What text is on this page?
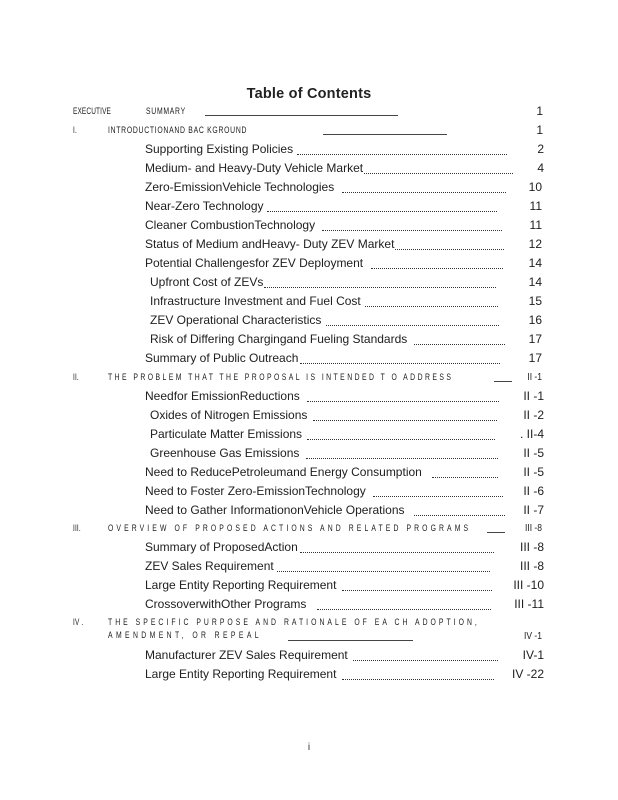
Table of Contents
EXECUTIVE	SUMMARY	1
I.	INTRODUCTIONAND BAC KGROUND	1
Supporting Existing Policies	2
Medium- and Heavy-Duty Vehicle Market	4
Zero-EmissionVehicle Technologies	10
Near-Zero Technology	11
Cleaner CombustionTechnology	11
Status of Medium andHeavy- Duty ZEV Market	12
Potential Challengesfor ZEV Deployment	14
Upfront Cost of ZEVs	14
Infrastructure Investment and Fuel Cost	15
ZEV Operational Characteristics	16
Risk of Differing Chargingand Fueling Standards	17
Summary of Public Outreach	17
II.	THE PROBLEM THAT THE PROPOSAL IS INTENDED T O ADDRESS	II -1
Needfor EmissionReductions	II -1
Oxides of Nitrogen Emissions	II -2
Particulate Matter Emissions	. II-4
Greenhouse Gas Emissions	II -5
Need to ReducePetroleumand Energy Consumption	II -5
Need to Foster Zero-EmissionTechnology	II -6
Need to Gather InformationonVehicle Operations	II -7
III.	OVERVIEW OF PROPOSED ACTIONS AND RELATED PROGRAMS	III -8
Summary of ProposedAction	III -8
ZEV Sales Requirement	III -8
Large Entity Reporting Requirement	III -10
CrossoverwithOther Programs	III -11
IV .	THE SPECIFIC PURPOSE AND RATIONALE OF EA CH ADOPTION,
AMENDMENT, OR REPEAL	IV -1
Manufacturer ZEV Sales Requirement	IV-1
Large Entity Reporting Requirement	IV -22
i
